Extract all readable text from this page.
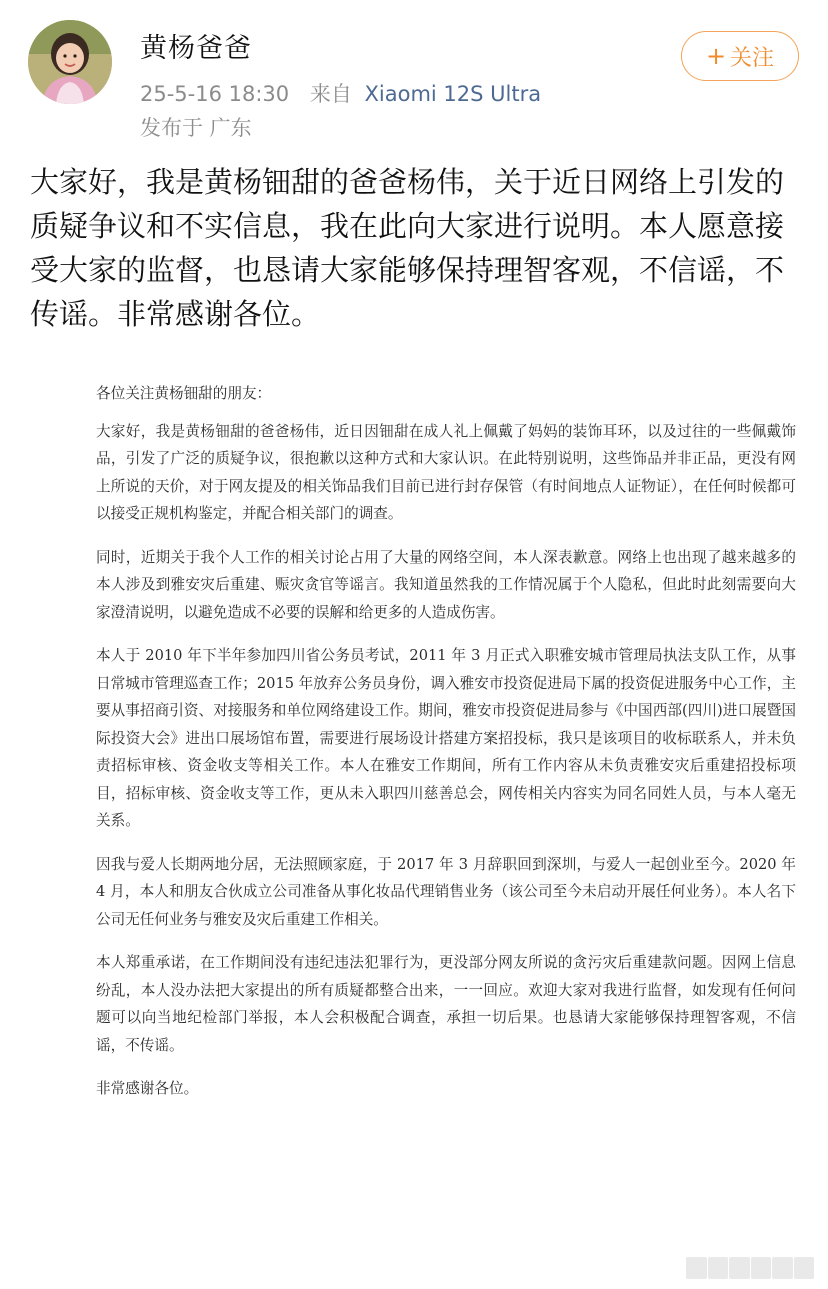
黄杨爸爸
25-5-16 18:30 来自 Xiaomi 12S Ultra
发布于 广东
+ 关注

大家好，我是黄杨钿甜的爸爸杨伟，关于近日网络上引发的质疑争议和不实信息，我在此向大家进行说明。本人愿意接受大家的监督，也恳请大家能够保持理智客观，不信谣，不传谣。非常感谢各位。

各位关注黄杨钿甜的朋友：

大家好，我是黄杨钿甜的爸爸杨伟，近日因钿甜在成人礼上佩戴了妈妈的装饰耳环，以及过往的一些佩戴饰品，引发了广泛的质疑争议，很抱歉以这种方式和大家认识。在此特别说明，这些饰品并非正品，更没有网上所说的天价，对于网友提及的相关饰品我们目前已进行封存保管（有时间地点人证物证），在任何时候都可以接受正规机构鉴定，并配合相关部门的调查。

同时，近期关于我个人工作的相关讨论占用了大量的网络空间，本人深表歉意。网络上也出现了越来越多的本人涉及到雅安灾后重建、赈灾贪官等谣言。我知道虽然我的工作情况属于个人隐私，但此时此刻需要向大家澄清说明，以避免造成不必要的误解和给更多的人造成伤害。

本人于 2010 年下半年参加四川省公务员考试，2011 年 3 月正式入职雅安城市管理局执法支队工作，从事日常城市管理巡查工作；2015 年放弃公务员身份，调入雅安市投资促进局下属的投资促进服务中心工作，主要从事招商引资、对接服务和单位网络建设工作。期间，雅安市投资促进局参与《中国西部(四川)进口展暨国际投资大会》进出口展场馆布置，需要进行展场设计搭建方案招投标，我只是该项目的收标联系人，并未负责招标审核、资金收支等相关工作。本人在雅安工作期间，所有工作内容从未负责雅安灾后重建招投标项目，招标审核、资金收支等工作，更从未入职四川慈善总会，网传相关内容实为同名同姓人员，与本人毫无关系。

因我与爱人长期两地分居，无法照顾家庭，于 2017 年 3 月辞职回到深圳，与爱人一起创业至今。2020 年 4 月，本人和朋友合伙成立公司准备从事化妆品代理销售业务（该公司至今未启动开展任何业务）。本人名下公司无任何业务与雅安及灾后重建工作相关。

本人郑重承诺，在工作期间没有违纪违法犯罪行为，更没部分网友所说的贪污灾后重建款问题。因网上信息纷乱，本人没办法把大家提出的所有质疑都整合出来，一一回应。欢迎大家对我进行监督，如发现有任何问题可以向当地纪检部门举报，本人会积极配合调查，承担一切后果。也恳请大家能够保持理智客观，不信谣，不传谣。

非常感谢各位。
